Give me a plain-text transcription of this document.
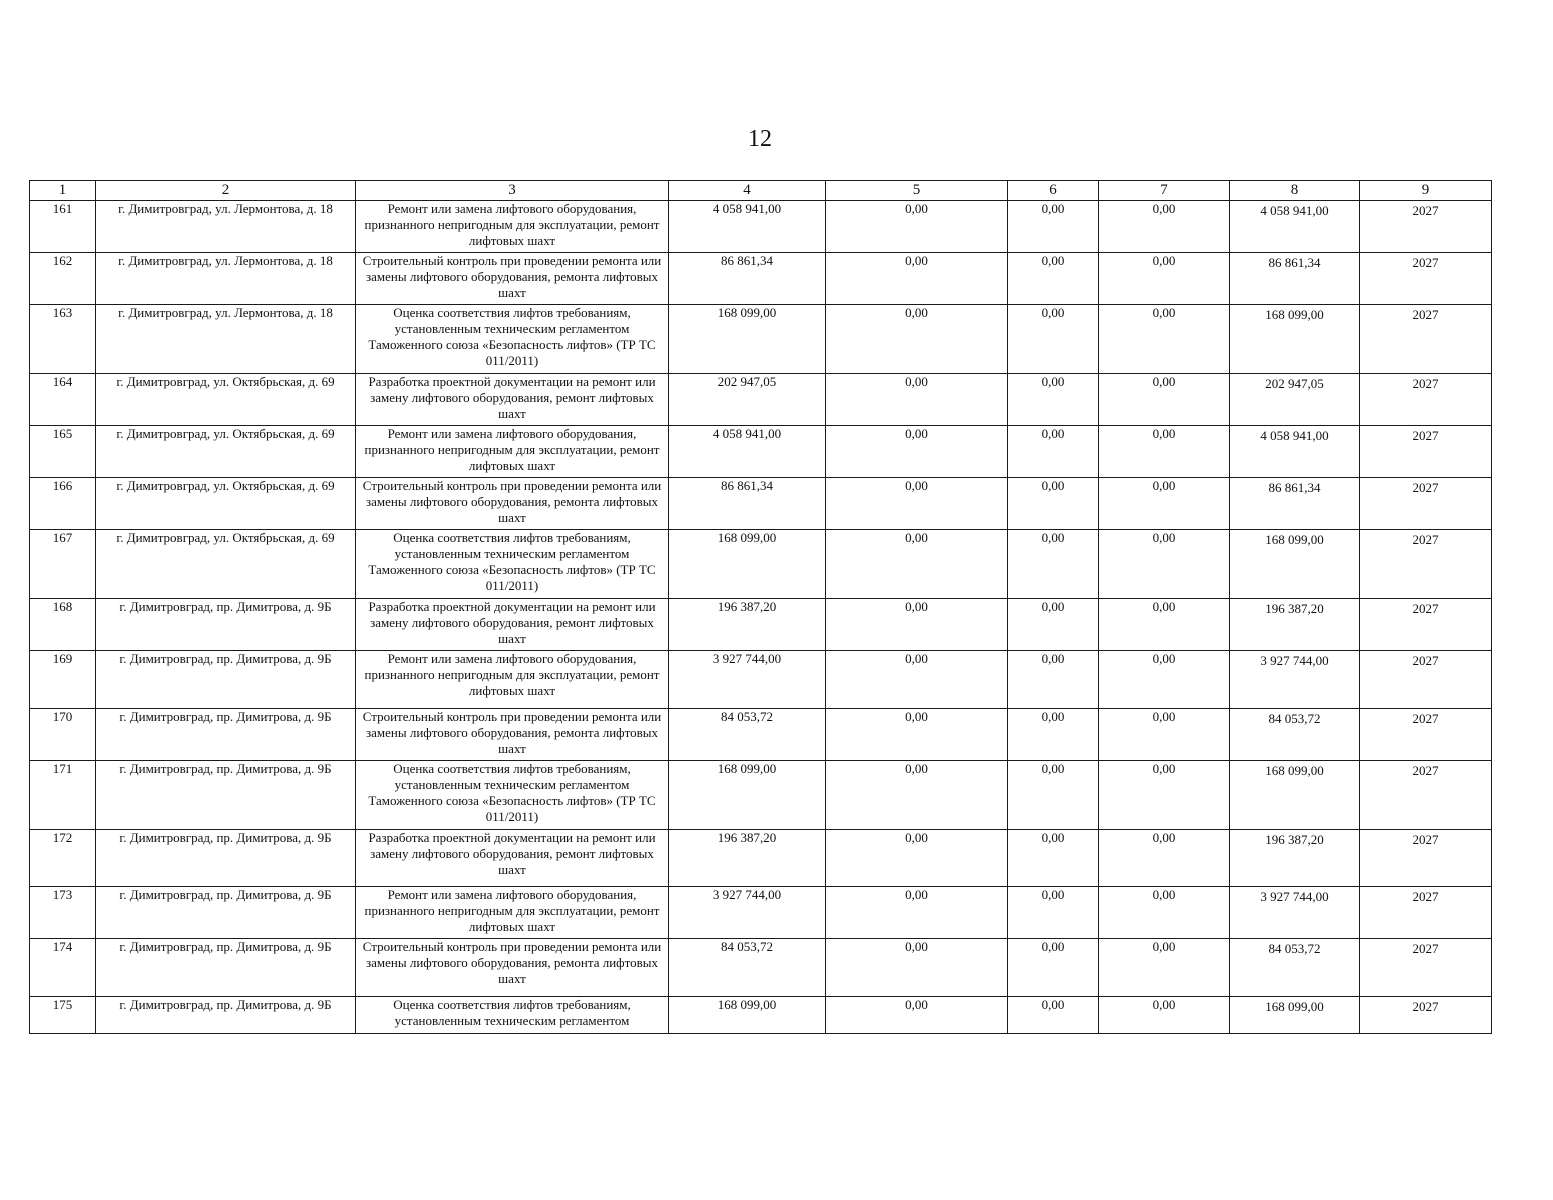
12
1	2	3	4	5	6	7	8	9
161	г. Димитровград, ул. Лермонтова, д. 18	Ремонт или замена лифтового оборудования, признанного непригодным для эксплуатации, ремонт лифтовых шахт	4 058 941,00	0,00	0,00	0,00	4 058 941,00	2027
162	г. Димитровград, ул. Лермонтова, д. 18	Строительный контроль при проведении ремонта или замены лифтового оборудования, ремонта лифтовых шахт	86 861,34	0,00	0,00	0,00	86 861,34	2027
163	г. Димитровград, ул. Лермонтова, д. 18	Оценка соответствия лифтов требованиям, установленным техническим регламентом Таможенного союза «Безопасность лифтов» (ТР ТС 011/2011)	168 099,00	0,00	0,00	0,00	168 099,00	2027
164	г. Димитровград, ул. Октябрьская, д. 69	Разработка проектной документации на ремонт или замену лифтового оборудования, ремонт лифтовых шахт	202 947,05	0,00	0,00	0,00	202 947,05	2027
165	г. Димитровград, ул. Октябрьская, д. 69	Ремонт или замена лифтового оборудования, признанного непригодным для эксплуатации, ремонт лифтовых шахт	4 058 941,00	0,00	0,00	0,00	4 058 941,00	2027
166	г. Димитровград, ул. Октябрьская, д. 69	Строительный контроль при проведении ремонта или замены лифтового оборудования, ремонта лифтовых шахт	86 861,34	0,00	0,00	0,00	86 861,34	2027
167	г. Димитровград, ул. Октябрьская, д. 69	Оценка соответствия лифтов требованиям, установленным техническим регламентом Таможенного союза «Безопасность лифтов» (ТР ТС 011/2011)	168 099,00	0,00	0,00	0,00	168 099,00	2027
168	г. Димитровград, пр. Димитрова, д. 9Б	Разработка проектной документации на ремонт или замену лифтового оборудования, ремонт лифтовых шахт	196 387,20	0,00	0,00	0,00	196 387,20	2027
169	г. Димитровград, пр. Димитрова, д. 9Б	Ремонт или замена лифтового оборудования, признанного непригодным для эксплуатации, ремонт лифтовых шахт	3 927 744,00	0,00	0,00	0,00	3 927 744,00	2027
170	г. Димитровград, пр. Димитрова, д. 9Б	Строительный контроль при проведении ремонта или замены лифтового оборудования, ремонта лифтовых шахт	84 053,72	0,00	0,00	0,00	84 053,72	2027
171	г. Димитровград, пр. Димитрова, д. 9Б	Оценка соответствия лифтов требованиям, установленным техническим регламентом Таможенного союза «Безопасность лифтов» (ТР ТС 011/2011)	168 099,00	0,00	0,00	0,00	168 099,00	2027
172	г. Димитровград, пр. Димитрова, д. 9Б	Разработка проектной документации на ремонт или замену лифтового оборудования, ремонт лифтовых шахт	196 387,20	0,00	0,00	0,00	196 387,20	2027
173	г. Димитровград, пр. Димитрова, д. 9Б	Ремонт или замена лифтового оборудования, признанного непригодным для эксплуатации, ремонт лифтовых шахт	3 927 744,00	0,00	0,00	0,00	3 927 744,00	2027
174	г. Димитровград, пр. Димитрова, д. 9Б	Строительный контроль при проведении ремонта или замены лифтового оборудования, ремонта лифтовых шахт	84 053,72	0,00	0,00	0,00	84 053,72	2027
175	г. Димитровград, пр. Димитрова, д. 9Б	Оценка соответствия лифтов требованиям, установленным техническим регламентом	168 099,00	0,00	0,00	0,00	168 099,00	2027
